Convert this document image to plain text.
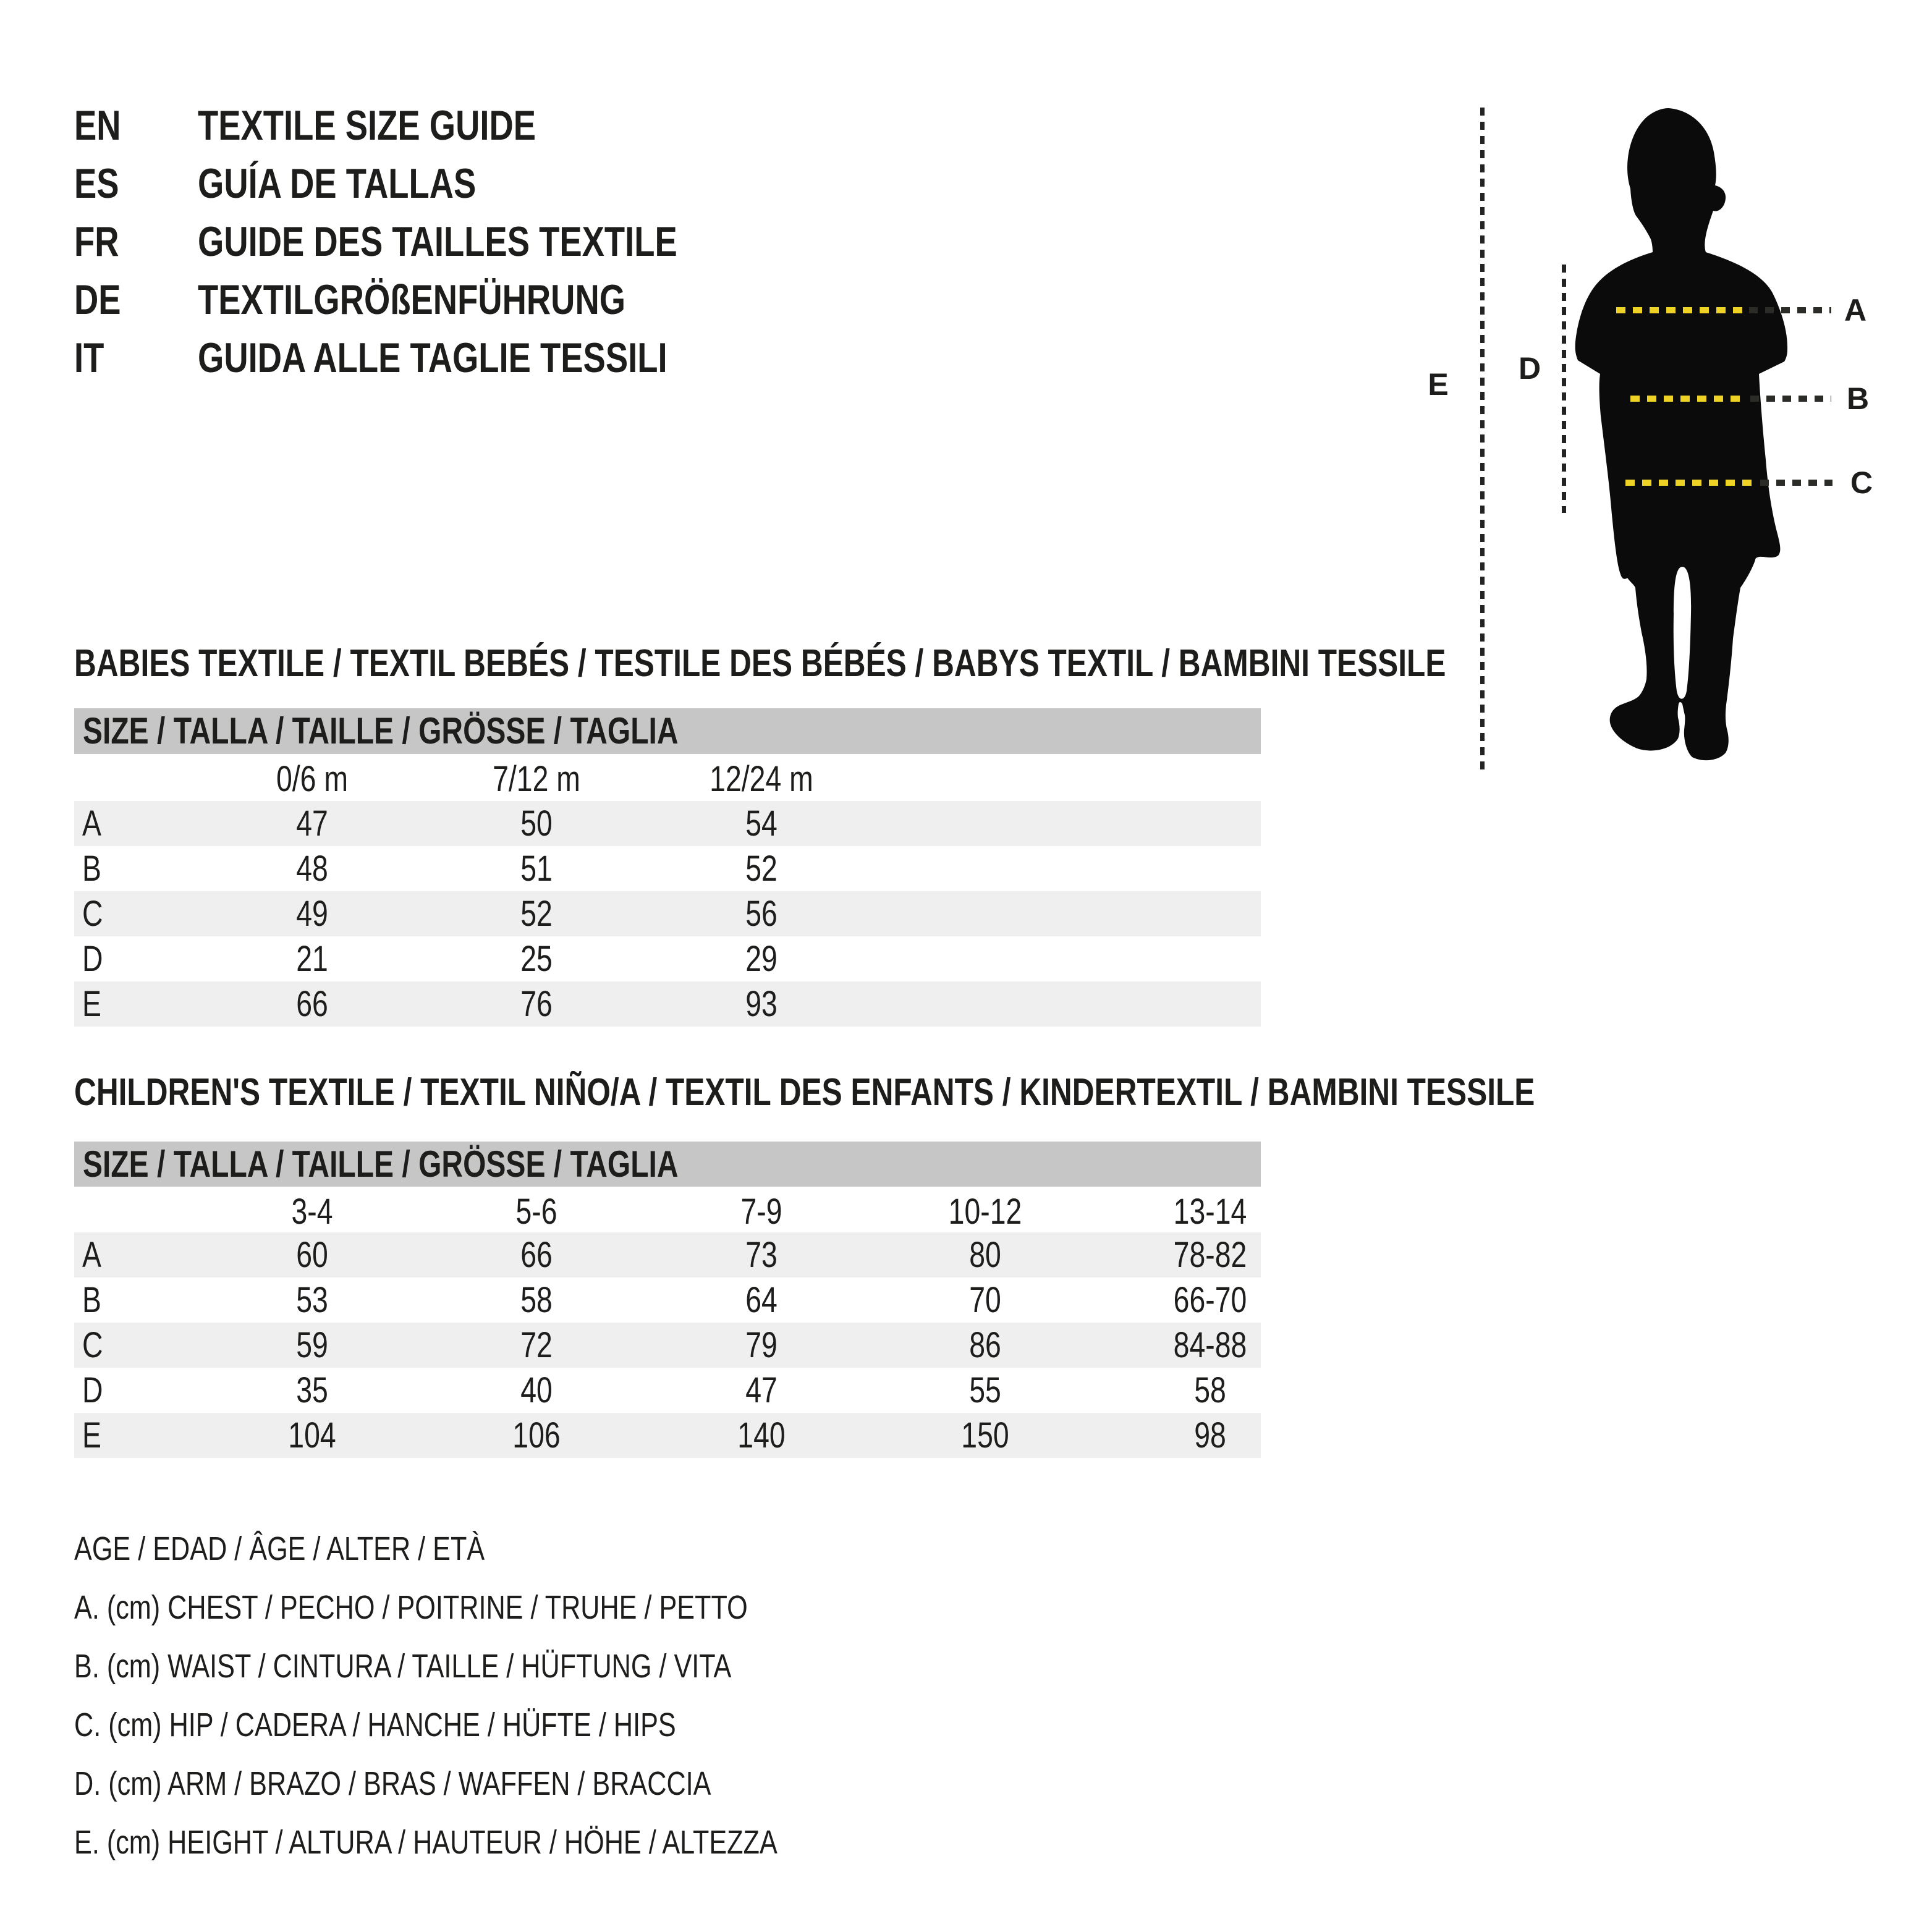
EN	TEXTILE SIZE GUIDE
ES	GUÍA DE TALLAS
FR	GUIDE DES TAILLES TEXTILE
DE	TEXTILGRÖßENFÜHRUNG
IT	GUIDA ALLE TAGLIE TESSILI
E	D
A
B
C
BABIES TEXTILE / TEXTIL BEBÉS / TESTILE DES BÉBÉS / BABYS TEXTIL / BAMBINI TESSILE
SIZE / TALLA / TAILLE / GRÖSSE / TAGLIA
0/6 m	7/12 m	12/24 m
A	47	50	54
B	48	51	52
C	49	52	56
D	21	25	29
E	66	76	93
CHILDREN'S TEXTILE / TEXTIL NIÑO/A / TEXTIL DES ENFANTS / KINDERTEXTIL / BAMBINI TESSILE
SIZE / TALLA / TAILLE / GRÖSSE / TAGLIA
3-4	5-6	7-9	10-12	13-14
A	60	66	73	80	78-82
B	53	58	64	70	66-70
C	59	72	79	86	84-88
D	35	40	47	55	58
E	104	106	140	150	98
AGE / EDAD / ÂGE / ALTER / ETÀ
A. (cm) CHEST / PECHO / POITRINE / TRUHE / PETTO
B. (cm) WAIST / CINTURA / TAILLE / HÜFTUNG / VITA
C. (cm) HIP / CADERA / HANCHE / HÜFTE / HIPS
D. (cm) ARM / BRAZO / BRAS / WAFFEN / BRACCIA
E. (cm) HEIGHT / ALTURA / HAUTEUR / HÖHE / ALTEZZA
